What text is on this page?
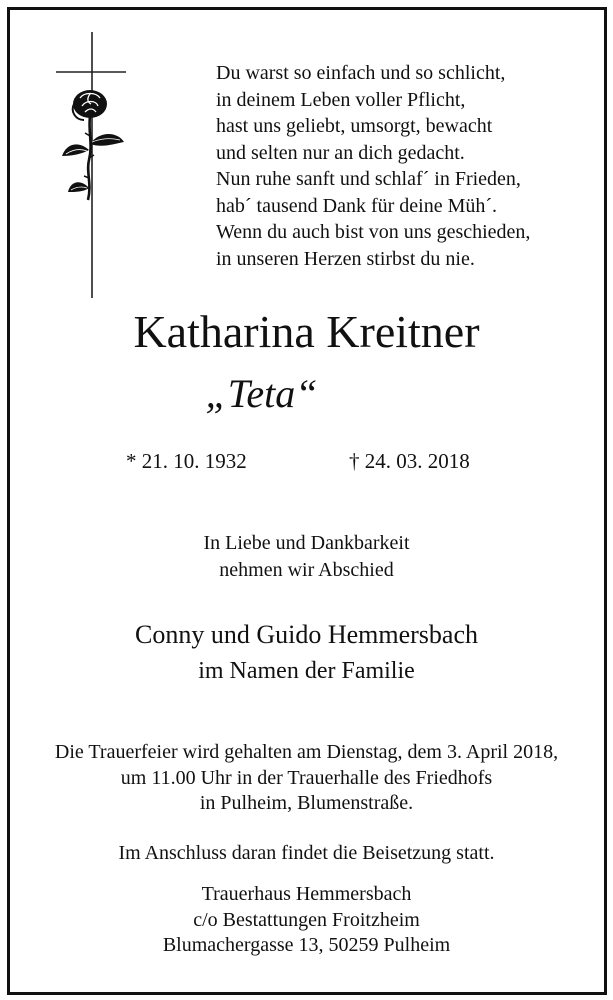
Du warst so einfach und so schlicht,
in deinem Leben voller Pflicht,
hast uns geliebt, umsorgt, bewacht
und selten nur an dich gedacht.
Nun ruhe sanft und schlaf´ in Frieden,
hab´ tausend Dank für deine Müh´.
Wenn du auch bist von uns geschieden,
in unseren Herzen stirbst du nie.
Katharina Kreitner
„Teta“
* 21. 10. 1932	† 24. 03. 2018
In Liebe und Dankbarkeit
nehmen wir Abschied
Conny und Guido Hemmersbach
im Namen der Familie
Die Trauerfeier wird gehalten am Dienstag, dem 3. April 2018,
um 11.00 Uhr in der Trauerhalle des Friedhofs
in Pulheim, Blumenstraße.
Im Anschluss daran findet die Beisetzung statt.
Trauerhaus Hemmersbach
c/o Bestattungen Froitzheim
Blumachergasse 13, 50259 Pulheim
